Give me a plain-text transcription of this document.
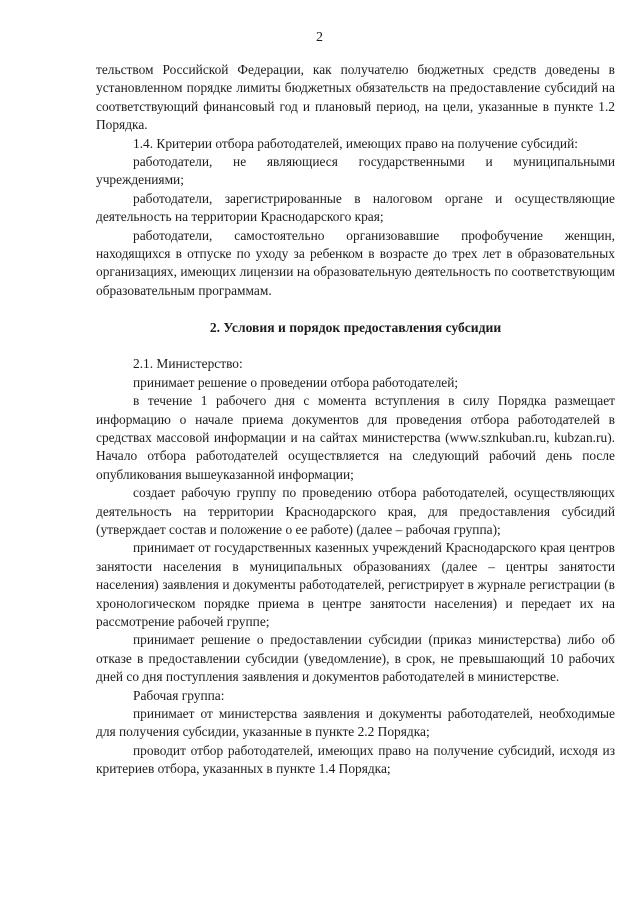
2

тельством Российской Федерации, как получателю бюджетных средств доведены в установленном порядке лимиты бюджетных обязательств на предоставление субсидий на соответствующий финансовый год и плановый период, на цели, указанные в пункте 1.2 Порядка.

1.4. Критерии отбора работодателей, имеющих право на получение субсидий:

работодатели, не являющиеся государственными и муниципальными учреждениями;

работодатели, зарегистрированные в налоговом органе и осуществляющие деятельность на территории Краснодарского края;

работодатели, самостоятельно организовавшие профобучение женщин, находящихся в отпуске по уходу за ребенком в возрасте до трех лет в образовательных организациях, имеющих лицензии на образовательную деятельность по соответствующим образовательным программам.

2. Условия и порядок предоставления субсидии

2.1. Министерство:

принимает решение о проведении отбора работодателей;

в течение 1 рабочего дня с момента вступления в силу Порядка размещает информацию о начале приема документов для проведения отбора работодателей в средствах массовой информации и на сайтах министерства (www.sznkuban.ru, kubzan.ru). Начало отбора работодателей осуществляется на следующий рабочий день после опубликования вышеуказанной информации;

создает рабочую группу по проведению отбора работодателей, осуществляющих деятельность на территории Краснодарского края, для предоставления субсидий (утверждает состав и положение о ее работе) (далее – рабочая группа);

принимает от государственных казенных учреждений Краснодарского края центров занятости населения в муниципальных образованиях (далее – центры занятости населения) заявления и документы работодателей, регистрирует в журнале регистрации (в хронологическом порядке приема в центре занятости населения) и передает их на рассмотрение рабочей группе;

принимает решение о предоставлении субсидии (приказ министерства) либо об отказе в предоставлении субсидии (уведомление), в срок, не превышающий 10 рабочих дней со дня поступления заявления и документов работодателей в министерстве.

Рабочая группа:

принимает от министерства заявления и документы работодателей, необходимые для получения субсидии, указанные в пункте 2.2 Порядка;

проводит отбор работодателей, имеющих право на получение субсидий, исходя из критериев отбора, указанных в пункте 1.4 Порядка;
